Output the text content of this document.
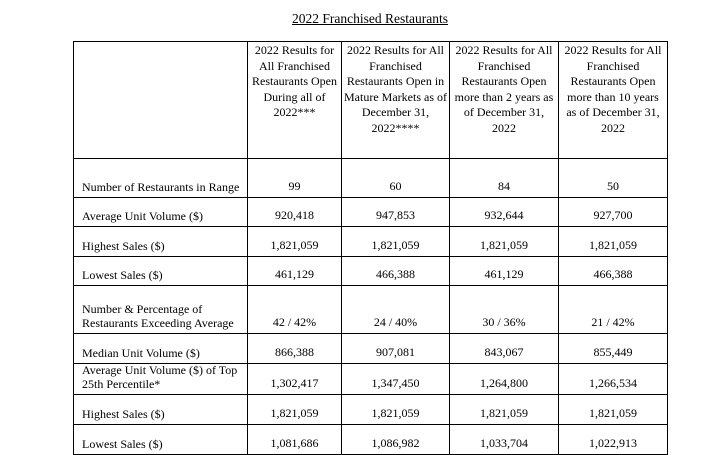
2022 Franchised Restaurants
	2022 Results for All Franchised Restaurants Open During all of 2022***	2022 Results for All Franchised Restaurants Open in Mature Markets as of December 31, 2022****	2022 Results for All Franchised Restaurants Open more than 2 years as of December 31, 2022	2022 Results for All Franchised Restaurants Open more than 10 years as of December 31, 2022
Number of Restaurants in Range	99	60	84	50
Average Unit Volume ($)	920,418	947,853	932,644	927,700
Highest Sales ($)	1,821,059	1,821,059	1,821,059	1,821,059
Lowest Sales ($)	461,129	466,388	461,129	466,388
Number & Percentage of Restaurants Exceeding Average	42 / 42%	24 / 40%	30 / 36%	21 / 42%
Median Unit Volume ($)	866,388	907,081	843,067	855,449
Average Unit Volume ($) of Top 25th Percentile*	1,302,417	1,347,450	1,264,800	1,266,534
Highest Sales ($)	1,821,059	1,821,059	1,821,059	1,821,059
Lowest Sales ($)	1,081,686	1,086,982	1,033,704	1,022,913
